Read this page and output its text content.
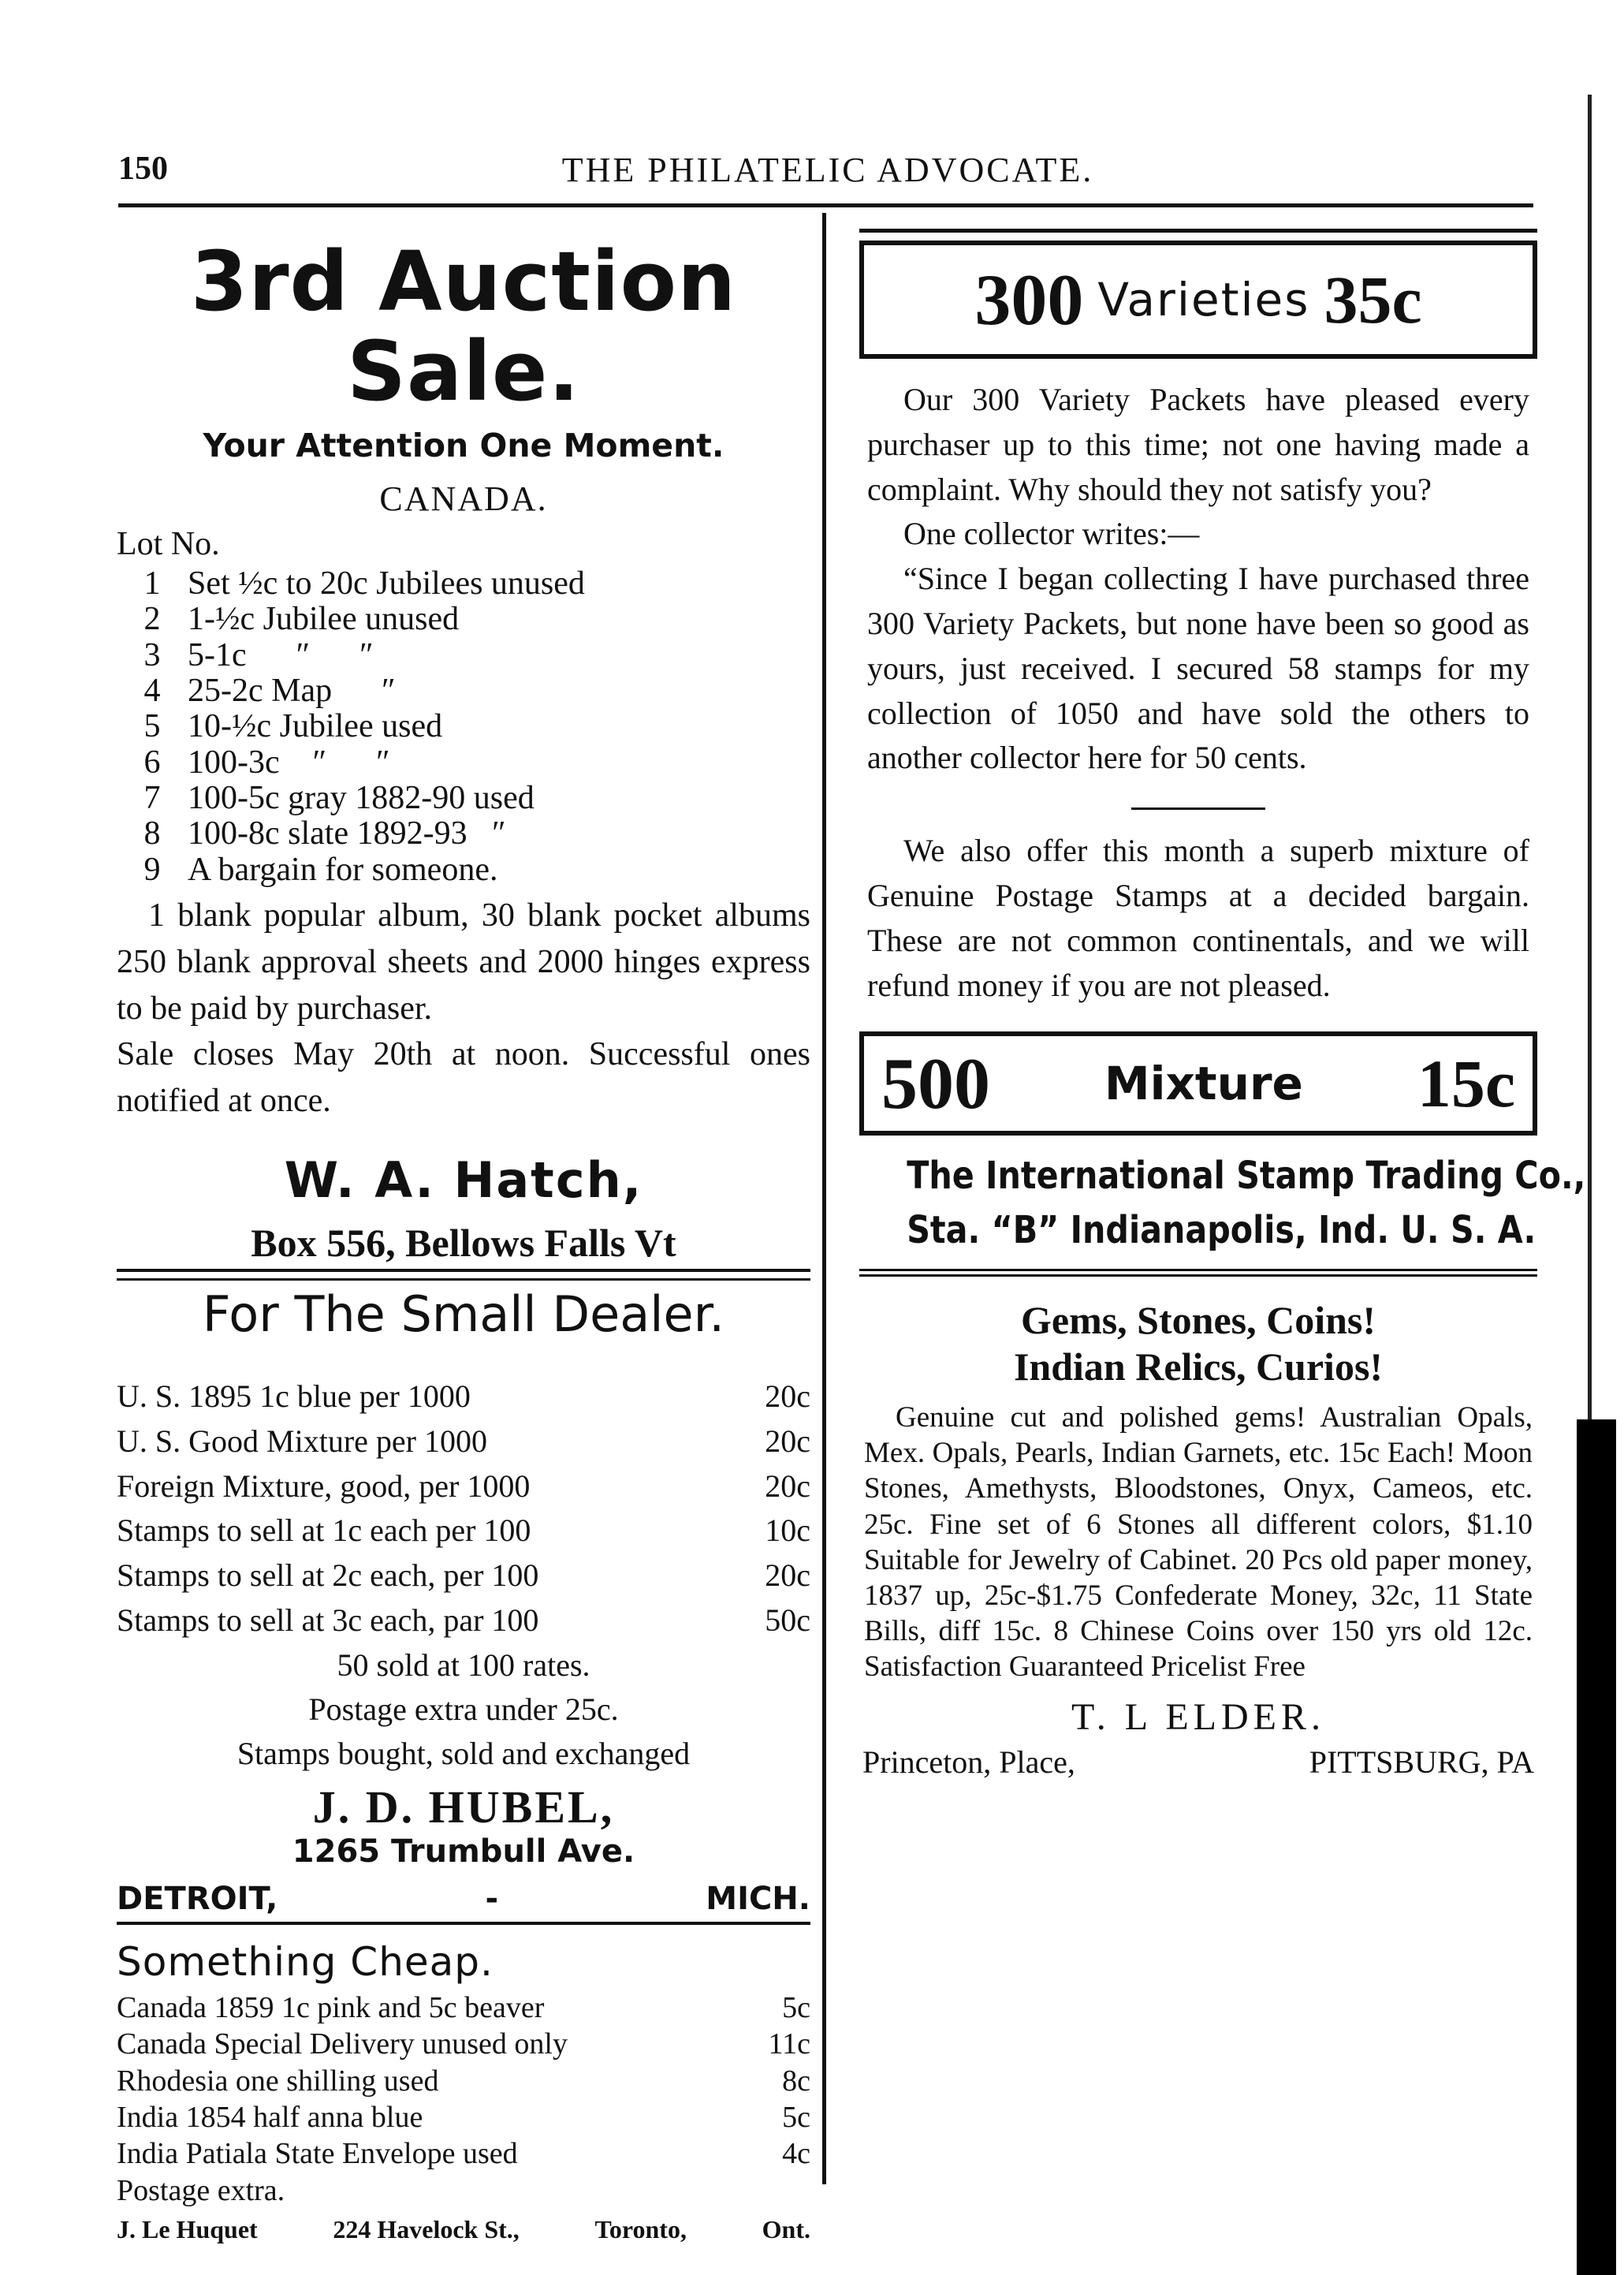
150	THE PHILATELIC ADVOCATE.
3rd Auction Sale.
Your Attention One Moment.
CANADA.
Lot No.
1 Set ½c to 20c Jubilees unused
2 1-½c Jubilee unused
3 5-1c      ″      ″
4 25-2c Map      ″
5 10-½c Jubilee used
6 100-3c    ″      ″
7 100-5c gray 1882-90 used
8 100-8c slate 1892-93   ″
9 A bargain for someone.

1 blank popular album, 30 blank pocket albums 250 blank approval sheets and 2000 hinges express to be paid by purchaser.

Sale closes May 20th at noon. Successful ones notified at once.

W. A. Hatch,
Box 556, Bellows Falls Vt
For The Small Dealer.
U. S. 1895 1c blue per 1000	20c
U. S. Good Mixture per 1000	20c
Foreign Mixture, good, per 1000	20c
Stamps to sell at 1c each per 100	10c
Stamps to sell at 2c each, per 100	20c
Stamps to sell at 3c each, par 100	50c
50 sold at 100 rates.
Postage extra under 25c.
Stamps bought, sold and exchanged
J. D. HUBEL,
1265 Trumbull Ave.
DETROIT,	-	MICH.
Something Cheap.
Canada 1859 1c pink and 5c beaver	5c
Canada Special Delivery unused only	11c
Rhodesia one shilling used	8c
India 1854 half anna blue	5c
India Patiala State Envelope used	4c
Postage extra.
J. Le Huquet	224 Havelock St.,	Toronto,	Ont.
300 Varieties 35c

Our 300 Variety Packets have pleased every purchaser up to this time; not one having made a complaint. Why should they not satisfy you?

One collector writes:—

“Since I began collecting I have purchased three 300 Variety Packets, but none have been so good as yours, just received. I secured 58 stamps for my collection of 1050 and have sold the others to another collector here for 50 cents.

We also offer this month a superb mixture of Genuine Postage Stamps at a decided bargain. These are not common continentals, and we will refund money if you are not pleased.

500 Mixture 15c
The International Stamp Trading Co.,
Sta. “B” Indianapolis, Ind. U. S. A.
Gems, Stones, Coins!
Indian Relics, Curios!

Genuine cut and polished gems! Australian Opals, Mex. Opals, Pearls, Indian Garnets, etc. 15c Each! Moon Stones, Amethysts, Bloodstones, Onyx, Cameos, etc. 25c. Fine set of 6 Stones all different colors, $1.10 Suitable for Jewelry of Cabinet. 20 Pcs old paper money, 1837 up, 25c-$1.75 Confederate Money, 32c, 11 State Bills, diff 15c. 8 Chinese Coins over 150 yrs old 12c. Satisfaction Guaranteed Pricelist Free

T. L ELDER.
Princeton, Place,	PITTSBURG, PA
